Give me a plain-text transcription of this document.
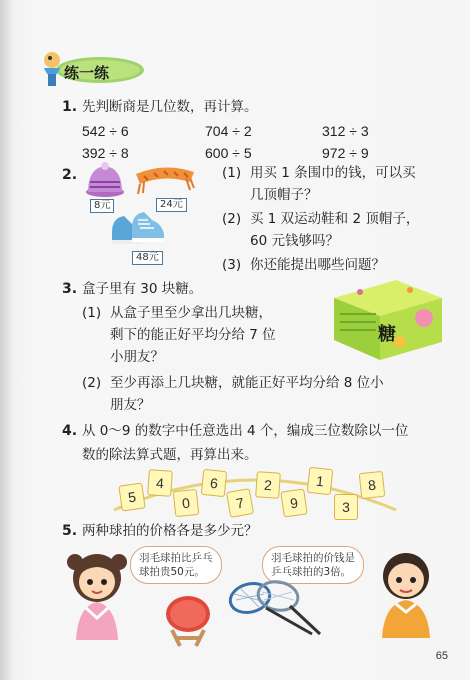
练一练
1. 先判断商是几位数，再计算。
542 ÷ 6	704 ÷ 2	312 ÷ 3
392 ÷ 8	600 ÷ 5	972 ÷ 9
2.
8元	24元
48元
(1) 用买 1 条围巾的钱，可以买
几顶帽子？
(2) 买 1 双运动鞋和 2 顶帽子，
60 元钱够吗？
(3) 你还能提出哪些问题？
3. 盒子里有 30 块糖。
(1) 从盒子里至少拿出几块糖，
剩下的能正好平均分给 7 位
小朋友？
(2) 至少再添上几块糖，就能正好平均分给 8 位小
朋友？
糖
4. 从 0～9 的数字中任意选出 4 个，编成三位数除以一位
数的除法算式题，再算出来。
5
4
0
6
7
2
9
1
3
8
5. 两种球拍的价格各是多少元？
羽毛球拍比乒乓
球拍贵50元。
羽毛球拍的价钱是
乒乓球拍的3倍。
65
